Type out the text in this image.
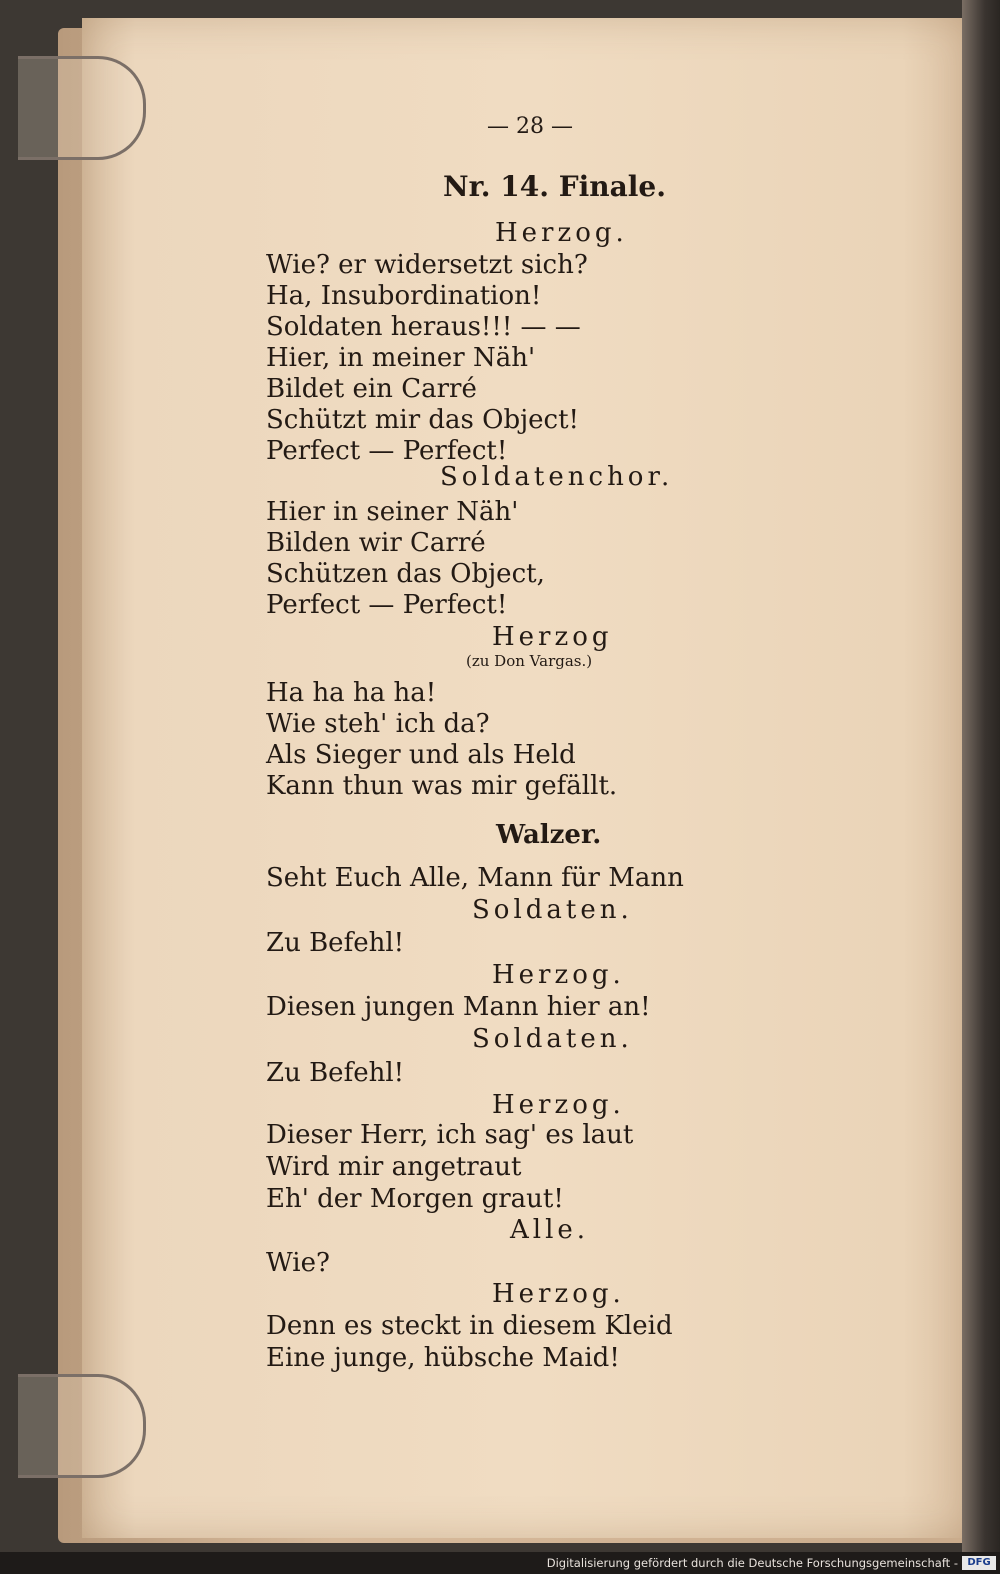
— 28 —
Nr. 14. Finale.
Herzog.
Wie? er widersetzt sich?
Ha, Insubordination!
Soldaten heraus!!! — —
Hier, in meiner Näh'
Bildet ein Carré
Schützt mir das Object!
Perfect — Perfect!
Soldatenchor.
Hier in seiner Näh'
Bilden wir Carré
Schützen das Object,
Perfect — Perfect!
Herzog
(zu Don Vargas.)
Ha ha ha ha!
Wie steh' ich da?
Als Sieger und als Held
Kann thun was mir gefällt.
Walzer.
Seht Euch Alle, Mann für Mann
Soldaten.
Zu Befehl!
Herzog.
Diesen jungen Mann hier an!
Soldaten.
Zu Befehl!
Herzog.
Dieser Herr, ich sag' es laut
Wird mir angetraut
Eh' der Morgen graut!
Alle.
Wie?
Herzog.
Denn es steckt in diesem Kleid
Eine junge, hübsche Maid!
Digitalisierung gefördert durch die Deutsche Forschungsgemeinschaft - DFG
